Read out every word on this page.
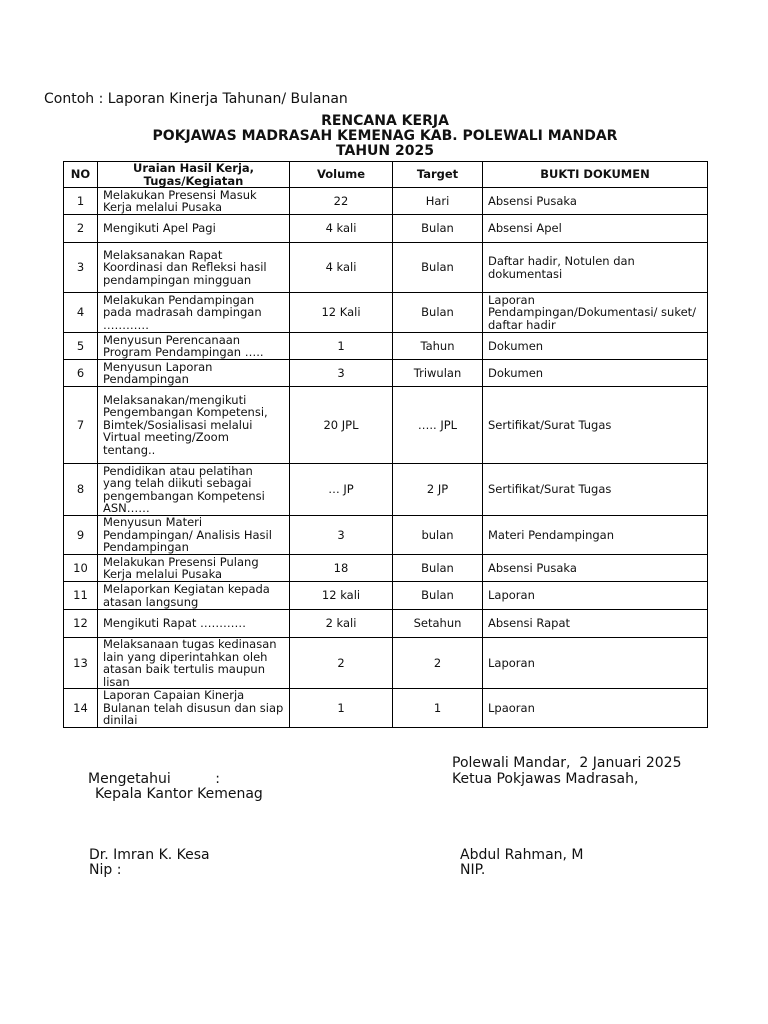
Contoh : Laporan Kinerja Tahunan/ Bulanan
RENCANA KERJA
POKJAWAS MADRASAH KEMENAG KAB. POLEWALI MANDAR
TAHUN 2025
NO	Uraian Hasil Kerja, Tugas/Kegiatan	Volume	Target	BUKTI DOKUMEN
1	Melakukan Presensi Masuk Kerja melalui Pusaka	22	Hari	Absensi Pusaka
2	Mengikuti Apel Pagi	4 kali	Bulan	Absensi Apel
3	Melaksanakan Rapat Koordinasi dan Refleksi hasil pendampingan mingguan	4 kali	Bulan	Daftar hadir, Notulen dan dokumentasi
4	Melakukan Pendampingan pada madrasah dampingan …………	12 Kali	Bulan	Laporan Pendampingan/Dokumentasi/ suket/ daftar hadir
5	Menyusun Perencanaan Program Pendampingan …..	1	Tahun	Dokumen
6	Menyusun Laporan Pendampingan	3	Triwulan	Dokumen
7	Melaksanakan/mengikuti Pengembangan Kompetensi, Bimtek/Sosialisasi melalui Virtual meeting/Zoom tentang..	20 JPL	….. JPL	Sertifikat/Surat Tugas
8	Pendidikan atau pelatihan yang telah diikuti sebagai pengembangan Kompetensi ASN……	… JP	2 JP	Sertifikat/Surat Tugas
9	Menyusun Materi Pendampingan/ Analisis Hasil Pendampingan	3	bulan	Materi Pendampingan
10	Melakukan Presensi Pulang Kerja melalui Pusaka	18	Bulan	Absensi Pusaka
11	Melaporkan Kegiatan kepada atasan langsung	12 kali	Bulan	Laporan
12	Mengikuti Rapat …………	2 kali	Setahun	Absensi Rapat
13	Melaksanaan tugas kedinasan lain yang diperintahkan oleh atasan baik tertulis maupun lisan	2	2	Laporan
14	Laporan Capaian Kinerja Bulanan telah disusun dan siap dinilai	1	1	Lpaoran
Polewali Mandar,  2 Januari 2025
Mengetahui          :	Ketua Pokjawas Madrasah,
Kepala Kantor Kemenag
Dr. Imran K. Kesa	Abdul Rahman, M
Nip :	NIP.
